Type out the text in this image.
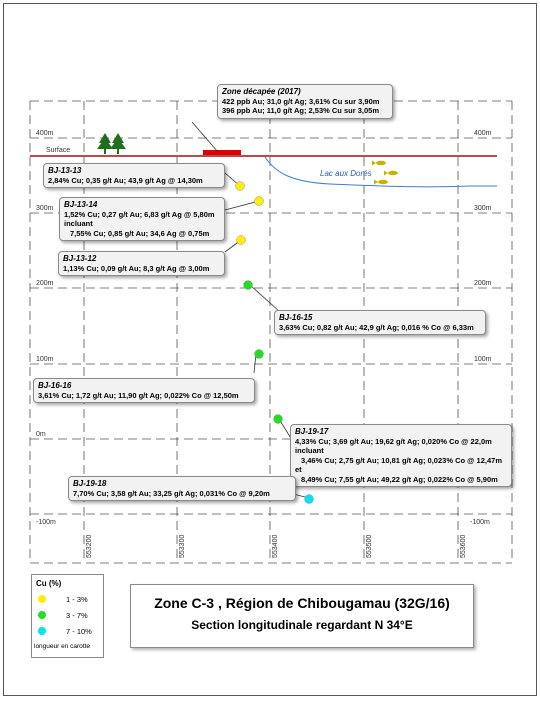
Surface
Lac aux Dorés
400m
300m
200m
100m
0m
-100m
400m
300m
200m
100m
-100m
553200	553300	553400	553500	553600
Zone décapée (2017)
422 ppb Au; 31,0 g/t Ag; 3,61% Cu sur 3,90m
396 ppb Au; 11,0 g/t Ag; 2,53% Cu sur 3,05m
BJ-13-13
2,84% Cu; 0,35 g/t Au; 43,9 g/t Ag @ 14,30m
BJ-13-14
1,52% Cu; 0,27 g/t Au; 6,83 g/t Ag @ 5,80m
incluant
7,55% Cu; 0,85 g/t Au; 34,6 Ag @ 0,75m
BJ-13-12
1,13% Cu; 0,09 g/t Au; 8,3 g/t Ag @ 3,00m
BJ-16-15
3,63% Cu; 0,82 g/t Au; 42,9 g/t Ag; 0,016 % Co @ 6,33m
BJ-16-16
3,61% Cu; 1,72 g/t Au; 11,90 g/t Ag; 0,022% Co @ 12,50m
BJ-19-17
4,33% Cu; 3,69 g/t Au; 19,62 g/t Ag; 0,020% Co @ 22,0m
incluant
3,46% Cu; 2,75 g/t Au; 10,81 g/t Ag; 0,023% Co @ 12,47m
et
8,49% Cu; 7,55 g/t Au; 49,22 g/t Ag; 0,022% Co @ 5,90m
BJ-19-18
7,70% Cu; 3,58 g/t Au; 33,25 g/t Ag; 0,031% Co @ 9,20m
Cu (%)
1 - 3%
3 - 7%
7 - 10%
longueur en carotte
Zone C-3 , Région de Chibougamau (32G/16)
Section longitudinale regardant N 34°E
